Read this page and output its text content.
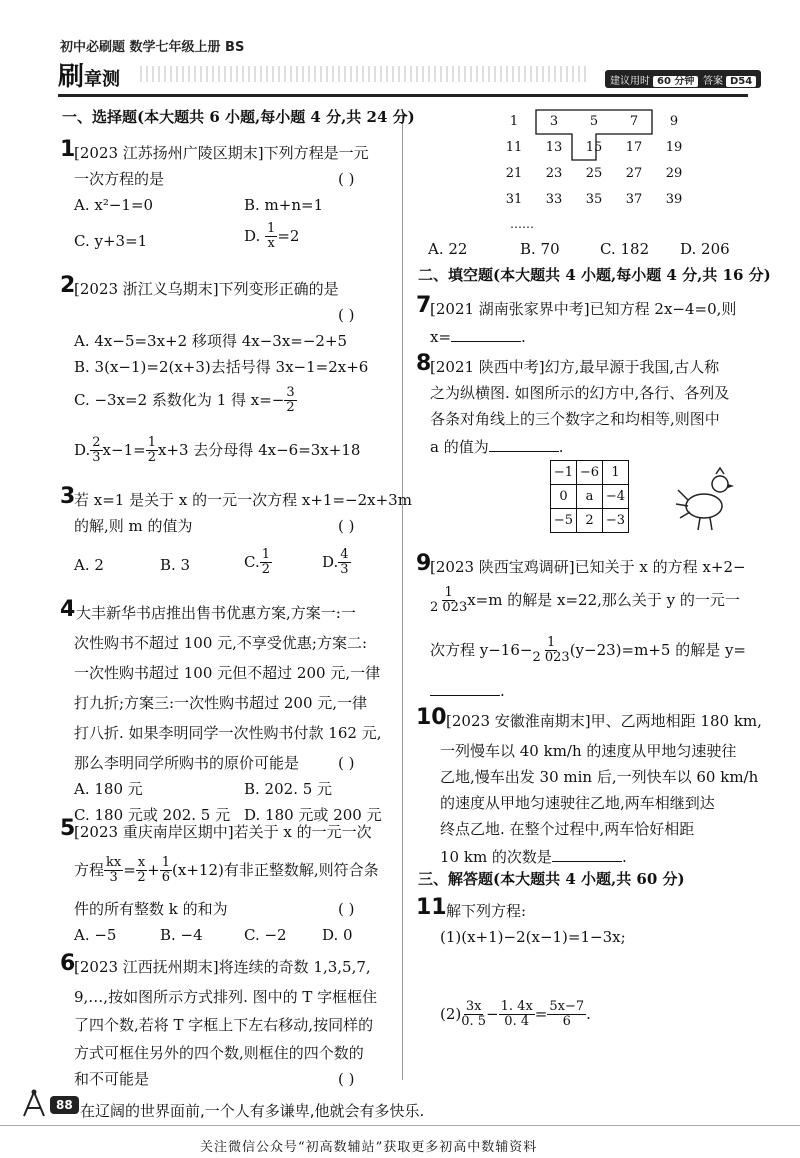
初中必刷题 数学七年级上册 BS
刷章测	建议用时 60 分钟 答案 D54
一、选择题(本大题共 6 小题,每小题 4 分,共 24 分)
1
[2023 江苏扬州广陵区期末]下列方程是一元
一次方程的是	( )
A. x²−1=0	B. m+n=1
C. y+3=1	D. $\frac{1}{x} =2$
2
[2023 浙江义乌期末]下列变形正确的是
( )
A. 4x−5=3x+2 移项得 4x−3x=−2+5
B. 3(x−1)=2(x+3)去括号得 3x−1=2x+6
C. −3x=2 系数化为 1 得 $x=- \frac{3}{2}$
D. $\frac{2}{3} x-1= \frac{1}{2} x+3$ 去分母得 4x−6=3x+18
3
若 x=1 是关于 x 的一元一次方程 x+1=−2x+3m
的解,则 m 的值为	( )
A. 2	B. 3	C. $\frac{1}{2}$	D. $\frac{4}{3}$
4 大丰新华书店推出售书优惠方案,方案一:一
次性购书不超过 100 元,不享受优惠;方案二:
一次性购书超过 100 元但不超过 200 元,一律
打九折;方案三:一次性购书超过 200 元,一律
打八折. 如果李明同学一次性购书付款 162 元,
那么李明同学所购书的原价可能是	( )
A. 180 元	B. 202. 5 元
C. 180 元或 202. 5 元 D. 180 元或 200 元
5
[2023 重庆南岸区期中]若关于 x 的一元一次
方程 $\frac{kx}{3} = \frac{x}{2} + \frac{1}{6} (x+12)$有非正整数解,则符合条
件的所有整数 k 的和为	( )
A. −5	B. −4	C. −2 D. 0
6
[2023 江西抚州期末]将连续的奇数 1,3,5,7,
9,…,按如图所示方式排列. 图中的 T 字框框住
了四个数,若将 T 字框上下左右移动,按同样的
方式可框住另外的四个数,则框住的四个数的
和不可能是	( )
1	3	5	7	9
11	13	15	17	19
21	23	25	27	29
31	33	35	37	39
……
A. 22	B. 70	C. 182 D. 206
二、填空题(本大题共 4 小题,每小题 4 分,共 16 分)
7
[2021 湖南张家界中考]已知方程 2x−4=0,则
x=	.
8
[2021 陕西中考]幻方,最早源于我国,古人称
之为纵横图. 如图所示的幻方中,各行、各列及
各条对角线上的三个数字之和均相等,则图中
a 的值为	.
−1	−6	1
0	a	−4
−5	2	−3
9
[2023 陕西宝鸡调研]已知关于 x 的方程 x+2−
$\frac{1}{2 023} x=m$ 的解是 x=22,那么关于 y 的一元一
次方程 $y-16- \frac{1}{2 023} (y-23)=m+5$ 的解是 y=
.
10 [2023 安徽淮南期末]甲、乙两地相距 180 km,
一列慢车以 40 km/h 的速度从甲地匀速驶往
乙地,慢车出发 30 min 后,一列快车以 60 km/h
的速度从甲地匀速驶往乙地,两车相继到达
终点乙地. 在整个过程中,两车恰好相距
10 km 的次数是	.
三、解答题(本大题共 4 小题,共 60 分)
11 解下列方程:
(1)(x+1)−2(x−1)=1−3x;
$(2) \frac{3x}{0. 5} - \frac{1. 4x}{0. 4} = \frac{5x-7}{6}$ .
88 在辽阔的世界面前,一个人有多谦卑,他就会有多快乐.
关注微信公众号“初高数辅站”获取更多初高中数辅资料
